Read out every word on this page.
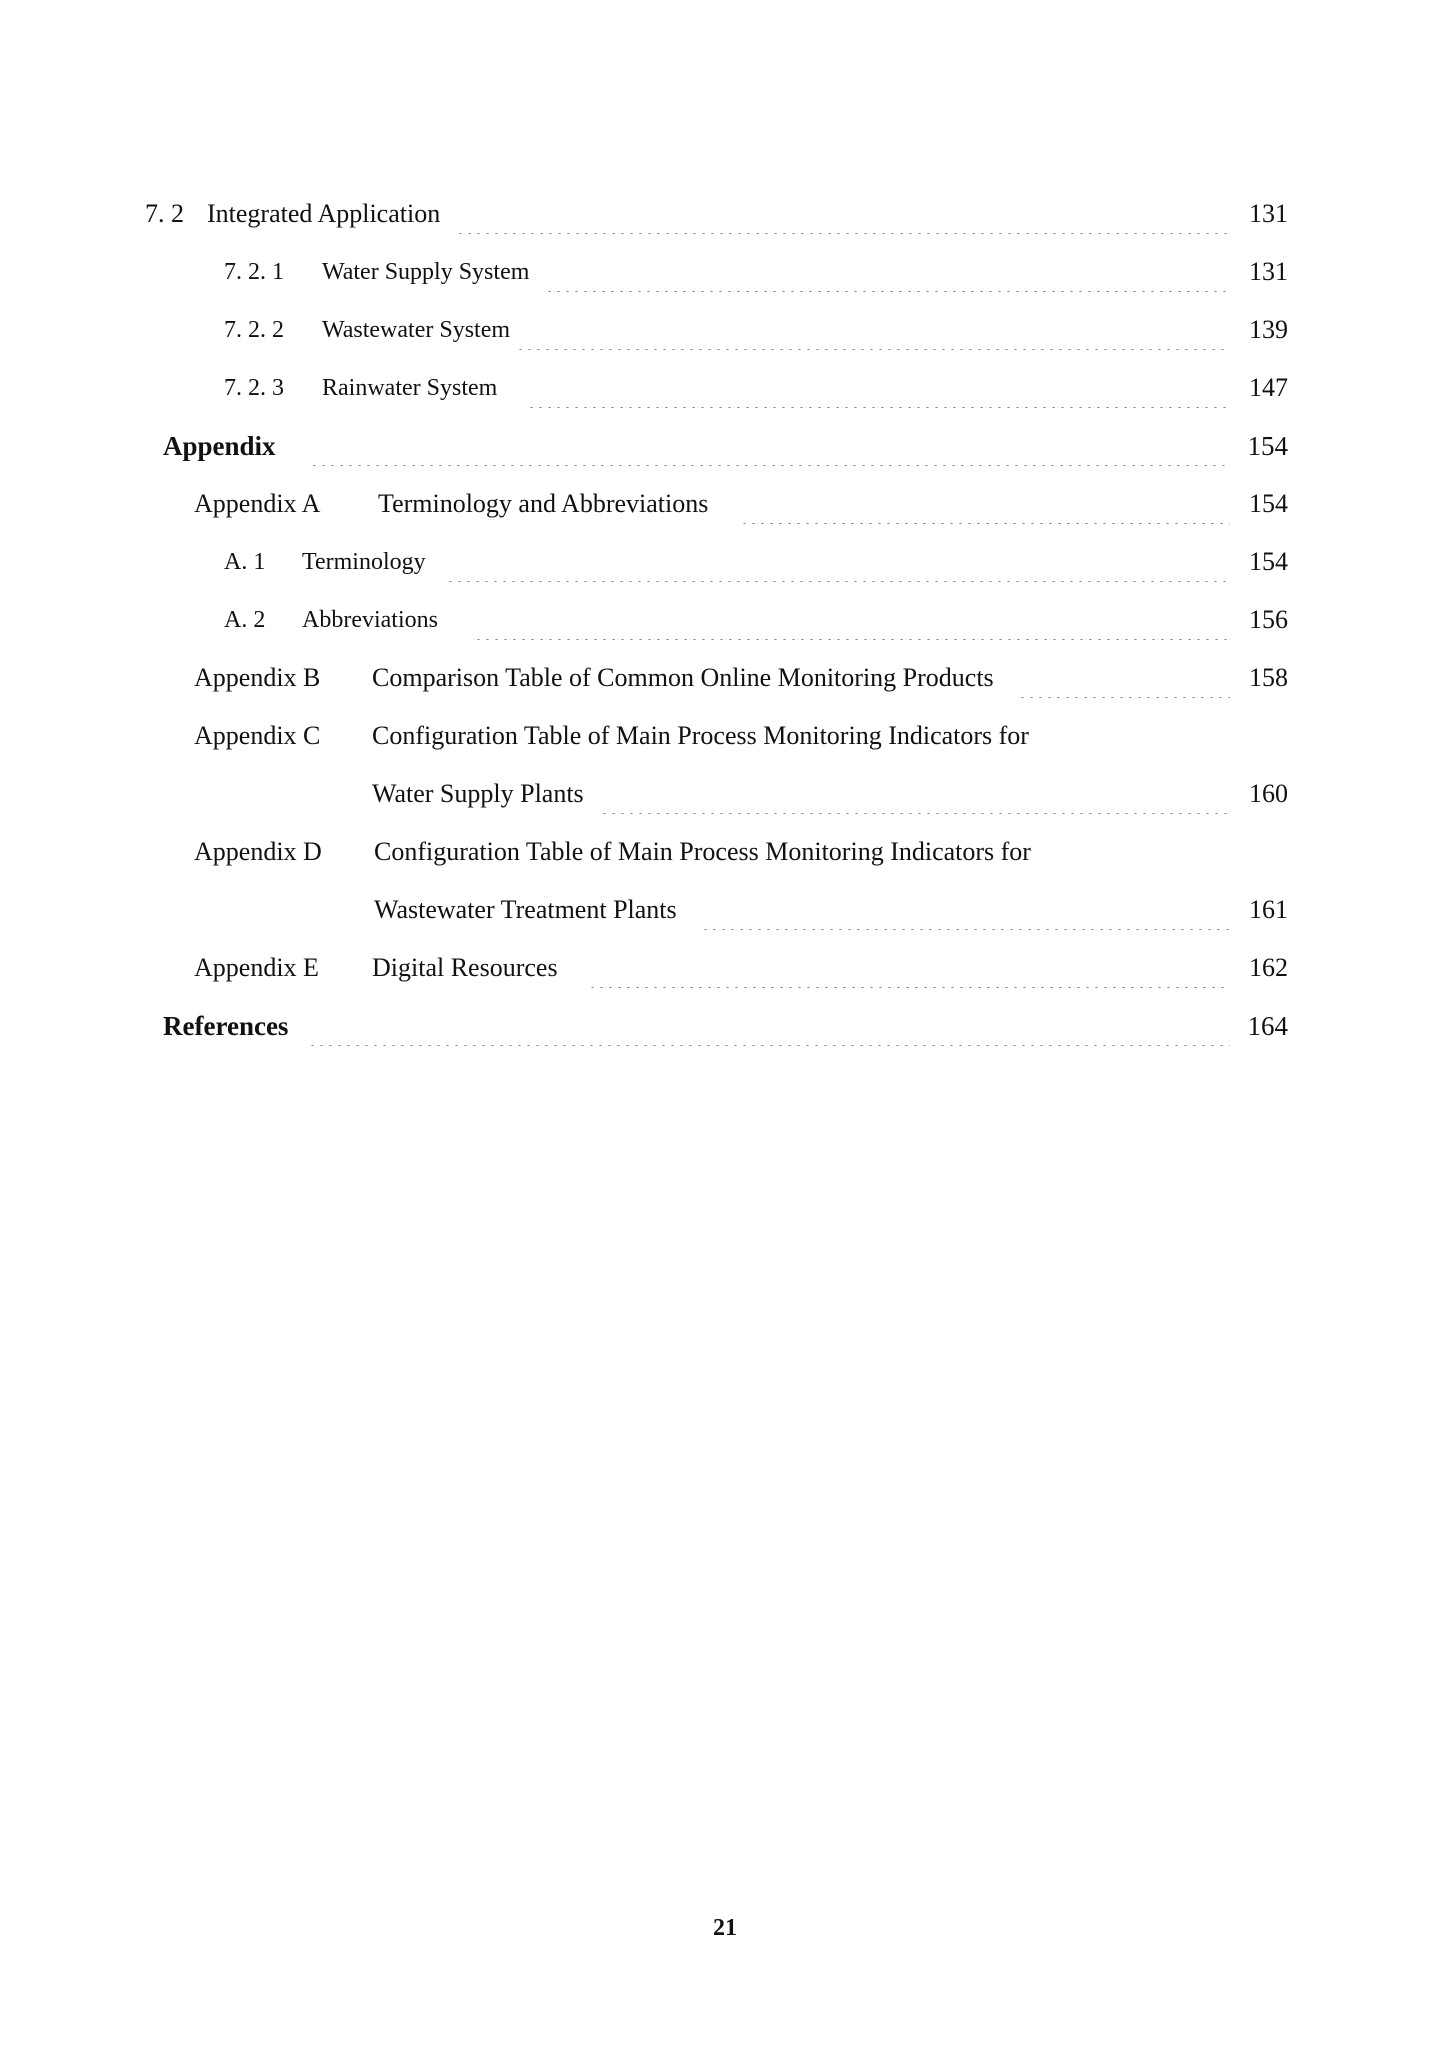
7. 2 Integrated Application	131
7. 2. 1	Water Supply System	131
7. 2. 2	Wastewater System	139
7. 2. 3	Rainwater System	147
Appendix	154
Appendix A	Terminology and Abbreviations	154
A. 1	Terminology	154
A. 2	Abbreviations	156
Appendix B	Comparison Table of Common Online Monitoring Products	158
Appendix C	Configuration Table of Main Process Monitoring Indicators for
Water Supply Plants	160
Appendix D	Configuration Table of Main Process Monitoring Indicators for
Wastewater Treatment Plants	161
Appendix E	Digital Resources	162
References	164
21
